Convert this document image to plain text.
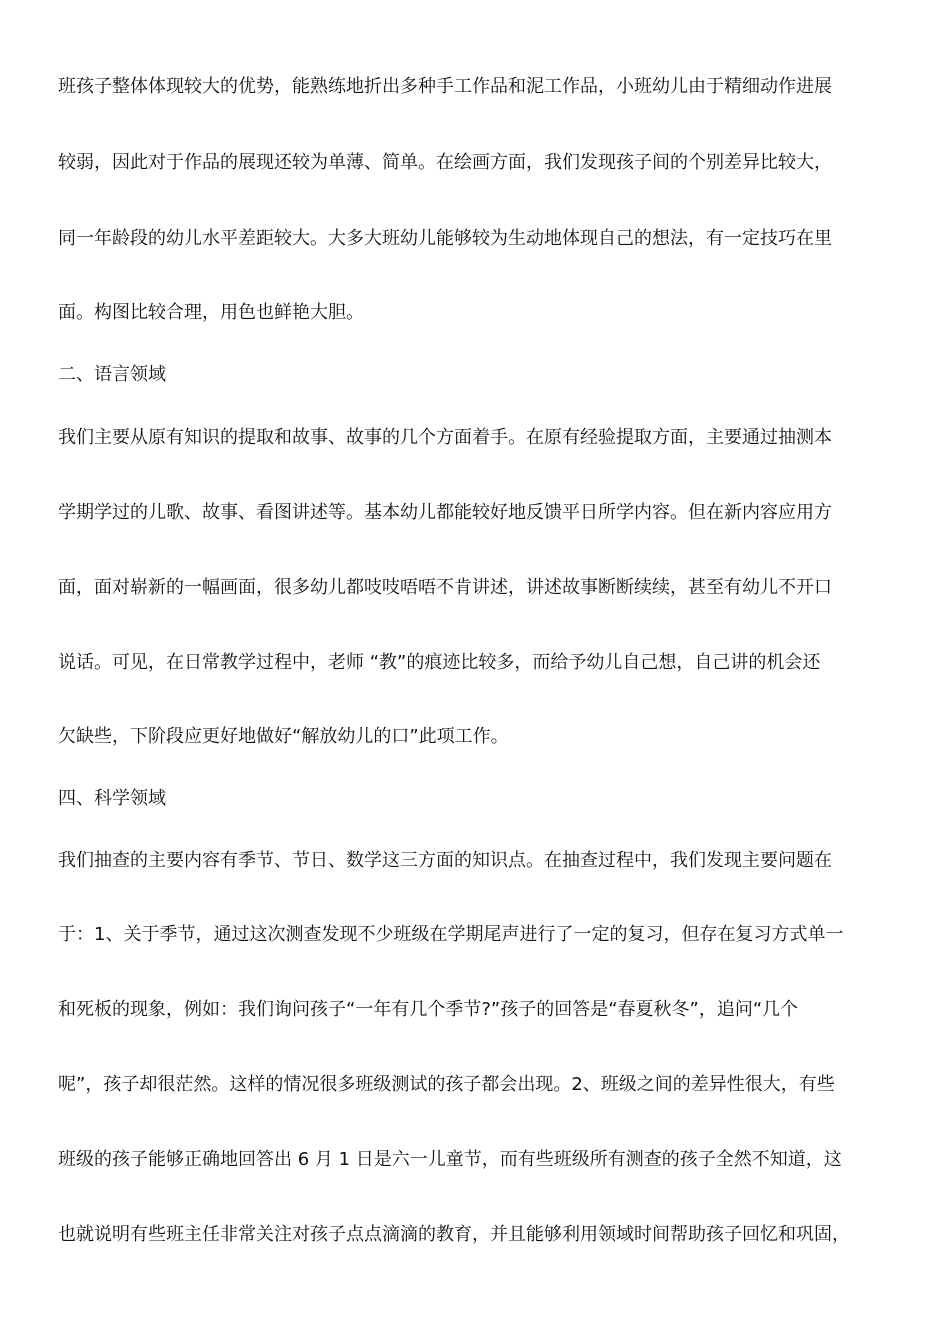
班孩子整体体现较大的优势，能熟练地折出多种手工作品和泥工作品，小班幼儿由于精细动作进展
较弱，因此对于作品的展现还较为单薄、简单。在绘画方面，我们发现孩子间的个别差异比较大，
同一年龄段的幼儿水平差距较大。大多大班幼儿能够较为生动地体现自己的想法，有一定技巧在里
面。构图比较合理，用色也鲜艳大胆。
二、语言领域
我们主要从原有知识的提取和故事、故事的几个方面着手。在原有经验提取方面，主要通过抽测本
学期学过的儿歌、故事、看图讲述等。基本幼儿都能较好地反馈平日所学内容。但在新内容应用方
面，面对崭新的一幅画面，很多幼儿都吱吱唔唔不肯讲述，讲述故事断断续续，甚至有幼儿不开口
说话。可见，在日常教学过程中，老师 “教”的痕迹比较多，而给予幼儿自己想，自己讲的机会还
欠缺些，下阶段应更好地做好“解放幼儿的口”此项工作。
四、科学领域
我们抽查的主要内容有季节、节日、数学这三方面的知识点。在抽查过程中，我们发现主要问题在
于：1、关于季节，通过这次测查发现不少班级在学期尾声进行了一定的复习，但存在复习方式单一
和死板的现象，例如：我们询问孩子“一年有几个季节?”孩子的回答是“春夏秋冬”，追问“几个
呢”，孩子却很茫然。这样的情况很多班级测试的孩子都会出现。2、班级之间的差异性很大，有些
班级的孩子能够正确地回答出 6 月 1 日是六一儿童节，而有些班级所有测查的孩子全然不知道，这
也就说明有些班主任非常关注对孩子点点滴滴的教育，并且能够利用领域时间帮助孩子回忆和巩固，
